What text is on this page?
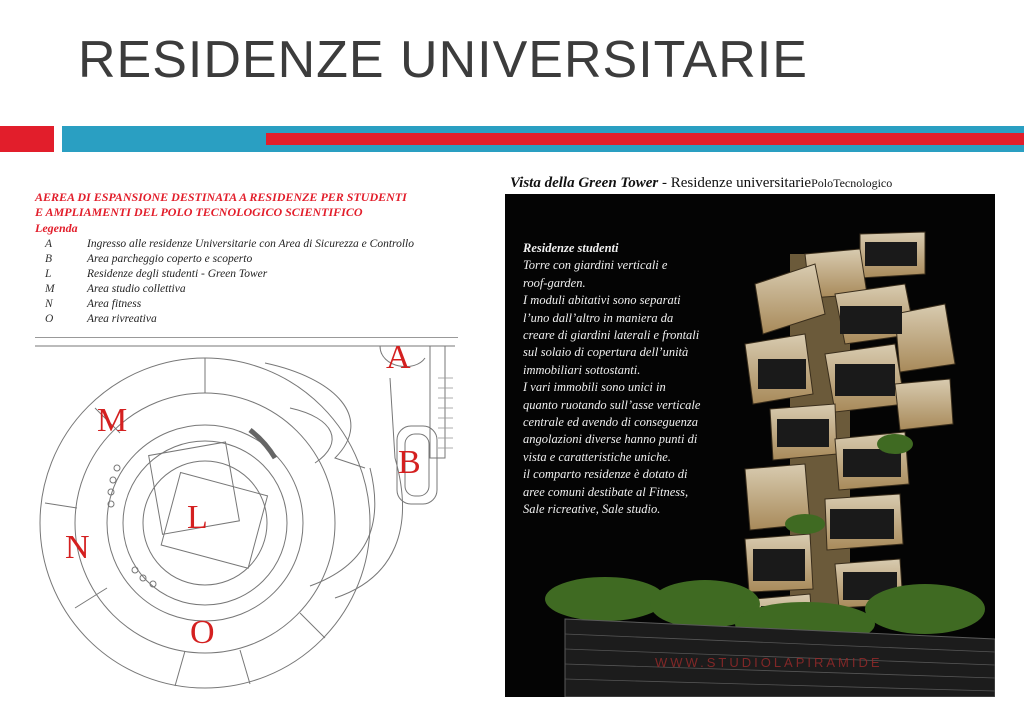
RESIDENZE UNIVERSITARIE
AEREA DI ESPANSIONE DESTINATA A RESIDENZE PER STUDENTI
E AMPLIAMENTI DEL POLO TECNOLOGICO SCIENTIFICO
Legenda
A	Ingresso alle residenze Universitarie con Area di Sicurezza e Controllo
B	Area parcheggio coperto e scoperto
L	Residenze degli studenti - Green Tower
M	Area studio collettiva
N	Area fitness
O	Area rivreativa
M
L
N
O
B
A
Vista della Green Tower - Residenze universitariePoloTecnologico
Residenze studenti
Torre con giardini verticali e
roof-garden.
I moduli abitativi sono separati
l’uno dall’altro in maniera da
creare di giardini laterali e frontali
sul solaio di copertura dell’unità
immobiliari sottostanti.
I vari immobili sono unici in
quanto ruotando sull’asse verticale
centrale ed avendo di conseguenza
angolazioni diverse hanno punti di
vista e caratteristiche uniche.
il comparto residenze è dotato di
aree comuni destibate al Fitness,
Sale ricreative, Sale studio.
WWW.STUDIOLAPIRAMIDE
